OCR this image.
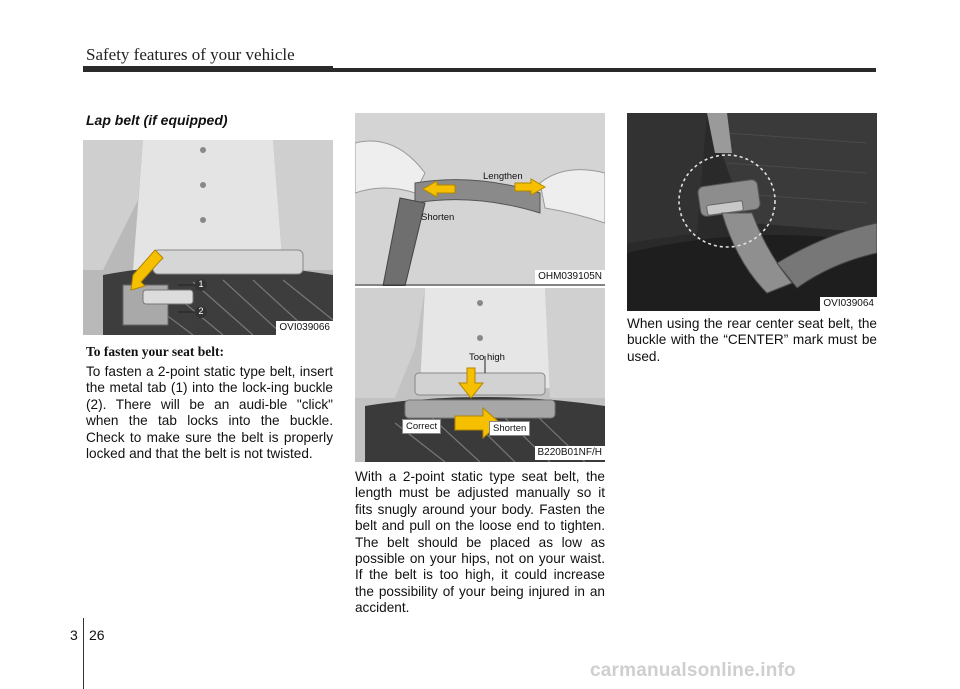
Safety features of your vehicle
Lap belt (if equipped)
1
2
OVI039066
Lengthen
Shorten
OHM039105N
Too high
Correct	Shorten
B220B01NF/H
OVI039064
To fasten your seat belt:
To fasten a 2-point static type belt, insert the metal tab (1) into the lock-ing buckle (2). There will be an audi-ble "click" when the tab locks into the buckle. Check to make sure the belt is properly locked and that the belt is not twisted.
With a 2-point static type seat belt, the length must be adjusted manually so it fits snugly around your body. Fasten the belt and pull on the loose end to tighten. The belt should be placed as low as possible on your hips, not on your waist. If the belt is too high, it could increase the possibility of your being injured in an accident.
When using the rear center seat belt, the buckle with the “CENTER” mark must be used.
3 26
carmanualsonline.info
